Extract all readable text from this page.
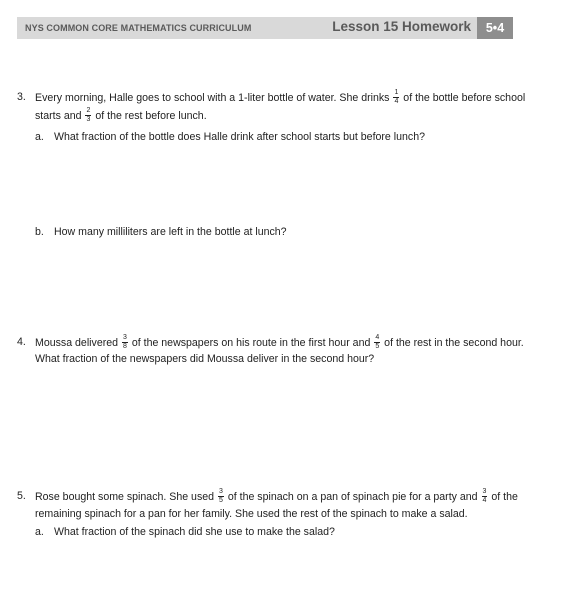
NYS COMMON CORE MATHEMATICS CURRICULUM	Lesson 15 Homework	5•4
3. Every morning, Halle goes to school with a 1-liter bottle of water. She drinks $\frac{1}{4}$ of the bottle before school
starts and $\frac{2}{3}$ of the rest before lunch.
a. What fraction of the bottle does Halle drink after school starts but before lunch?
b. How many milliliters are left in the bottle at lunch?
4. Moussa delivered $\frac{3}{8}$ of the newspapers on his route in the first hour and $\frac{4}{5}$ of the rest in the second hour.
What fraction of the newspapers did Moussa deliver in the second hour?
5. Rose bought some spinach. She used $\frac{3}{5}$ of the spinach on a pan of spinach pie for a party and $\frac{3}{4}$ of the
remaining spinach for a pan for her family. She used the rest of the spinach to make a salad.
a. What fraction of the spinach did she use to make the salad?
